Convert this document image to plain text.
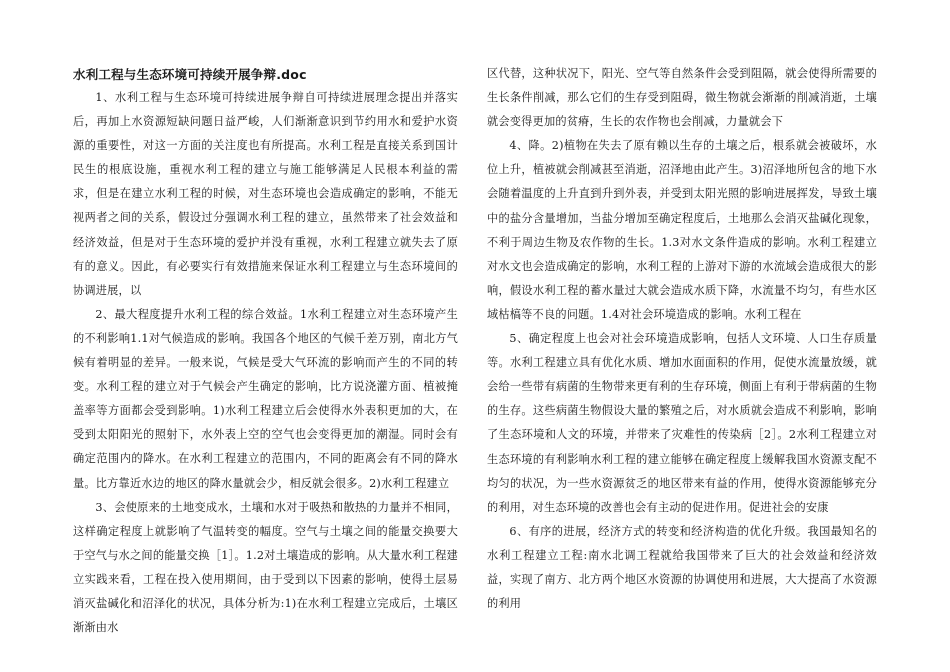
水利工程与生态环境可持续开展争辩.doc

1、水利工程与生态环境可持续进展争辩自可持续进展理念提出并落实后，再加上水资源短缺问题日益严峻，人们渐渐意识到节约用水和爱护水资源的重要性，对这一方面的关注度也有所提高。水利工程是直接关系到国计民生的根底设施，重视水利工程的建立与施工能够满足人民根本利益的需求，但是在建立水利工程的时候，对生态环境也会造成确定的影响，不能无视两者之间的关系，假设过分强调水利工程的建立，虽然带来了社会效益和经济效益，但是对于生态环境的爱护并没有重视，水利工程建立就失去了原有的意义。因此，有必要实行有效措施来保证水利工程建立与生态环境间的协调进展，以

2、最大程度提升水利工程的综合效益。1水利工程建立对生态环境产生的不利影响1.1对气候造成的影响。我国各个地区的气候千差万别，南北方气候有着明显的差异。一般来说，气候是受大气环流的影响而产生的不同的转变。水利工程的建立对于气候会产生确定的影响，比方说浇灌方面、植被掩盖率等方面都会受到影响。1)水利工程建立后会使得水外表积更加的大，在受到太阳阳光的照射下，水外表上空的空气也会变得更加的潮湿。同时会有确定范围内的降水。在水利工程建立的范围内，不同的距离会有不同的降水量。比方靠近水边的地区的降水量就会少，相反就会很多。2)水利工程建立

3、会使原来的土地变成水，土壤和水对于吸热和散热的力量并不相同，这样确定程度上就影响了气温转变的幅度。空气与土壤之间的能量交换要大于空气与水之间的能量交换［1］。1.2对土壤造成的影响。从大量水利工程建立实践来看，工程在投入使用期间，由于受到以下因素的影响，使得土层易消灭盐碱化和沼泽化的状况，具体分析为:1)在水利工程建立完成后，土壤区渐渐由水

区代替，这种状况下，阳光、空气等自然条件会受到阻隔，就会使得所需要的生长条件削减，那么它们的生存受到阻碍，微生物就会渐渐的削减消逝，土壤就会变得更加的贫瘠，生长的农作物也会削减，力量就会下

4、降。2)植物在失去了原有赖以生存的土壤之后，根系就会被破坏，水位上升，植被就会削减甚至消逝，沼泽地由此产生。3)沼泽地所包含的地下水会随着温度的上升直到升到外表，并受到太阳光照的影响进展挥发，导致土壤中的盐分含量增加，当盐分增加至确定程度后，土地那么会消灭盐碱化现象，不利于周边生物及农作物的生长。1.3对水文条件造成的影响。水利工程建立对水文也会造成确定的影响，水利工程的上游对下游的水流域会造成很大的影响，假设水利工程的蓄水量过大就会造成水质下降，水流量不均匀，有些水区域枯槁等不良的问题。1.4对社会环境造成的影响。水利工程在

5、确定程度上也会对社会环境造成影响，包括人文环境、人口生存质量等。水利工程建立具有优化水质、增加水面面积的作用，促使水流量放缓，就会给一些带有病菌的生物带来更有利的生存环境，侧面上有利于带病菌的生物的生存。这些病菌生物假设大量的繁殖之后，对水质就会造成不利影响，影响了生态环境和人文的环境，并带来了灾难性的传染病［2］。2水利工程建立对生态环境的有利影响水利工程的建立能够在确定程度上缓解我国水资源支配不均匀的状况，为一些水资源贫乏的地区带来有益的作用，使得水资源能够充分的利用，对生态环境的改善也会有主动的促进作用。促进社会的安康

6、有序的进展，经济方式的转变和经济构造的优化升级。我国最知名的水利工程建立工程:南水北调工程就给我国带来了巨大的社会效益和经济效益，实现了南方、北方两个地区水资源的协调使用和进展，大大提高了水资源的利用
